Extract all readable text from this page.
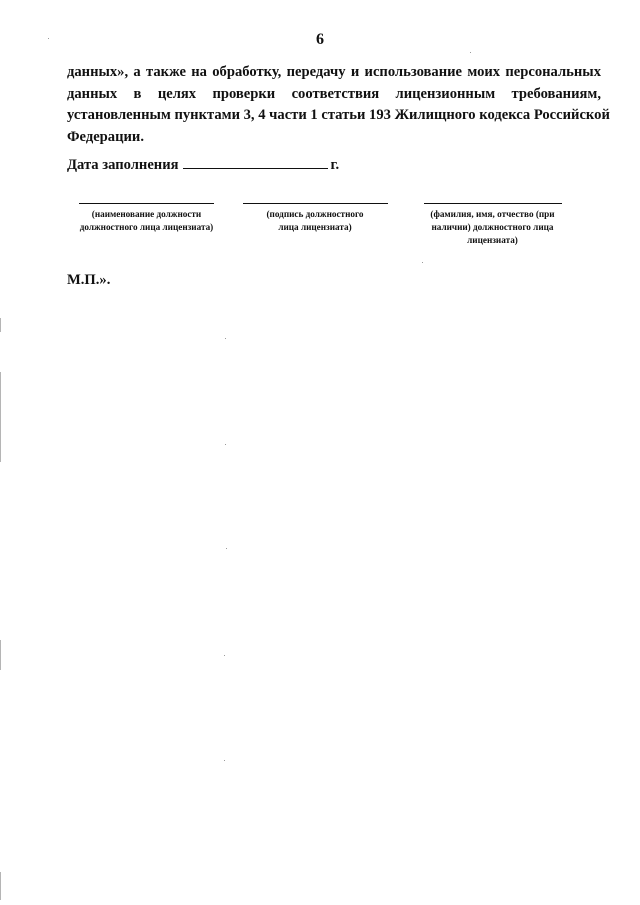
6
данных», а также на обработку, передачу и использование моих персональных
данных в целях проверки соответствия лицензионным требованиям,
установленным пунктами 3, 4 части 1 статьи 193 Жилищного кодекса Российской
Федерации.
Дата заполнения	г.
(наименование должности
должностного лица лицензиата)
(подпись должностного
лица лицензиата)
(фамилия, имя, отчество (при
наличии) должностного лица
лицензиата)
М.П.».
